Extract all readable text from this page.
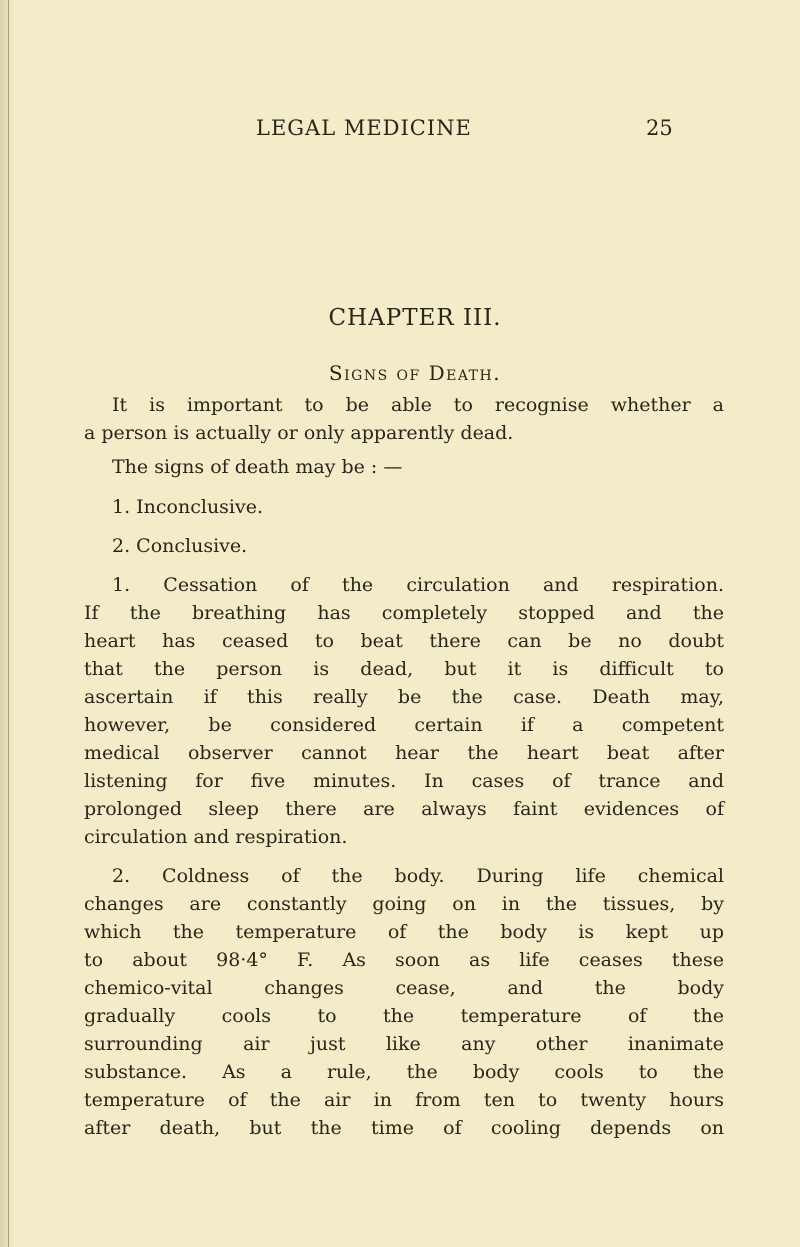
LEGAL MEDICINE	25
CHAPTER III.
Signs of Death.
It is important to be able to recognise whether a
a person is actually or only apparently dead.
The signs of death may be : —
1. Inconclusive.
2. Conclusive.
1. Cessation of the circulation and respiration.
If the breathing has completely stopped and the
heart has ceased to beat there can be no doubt
that the person is dead, but it is difficult to
ascertain if this really be the case. Death may,
however, be considered certain if a competent
medical observer cannot hear the heart beat after
listening for five minutes. In cases of trance and
prolonged sleep there are always faint evidences of
circulation and respiration.
2. Coldness of the body. During life chemical
changes are constantly going on in the tissues, by
which the temperature of the body is kept up
to about 98·4° F. As soon as life ceases these
chemico-vital changes cease, and the body
gradually cools to the temperature of the
surrounding air just like any other inanimate
substance. As a rule, the body cools to the
temperature of the air in from ten to twenty hours
after death, but the time of cooling depends on
